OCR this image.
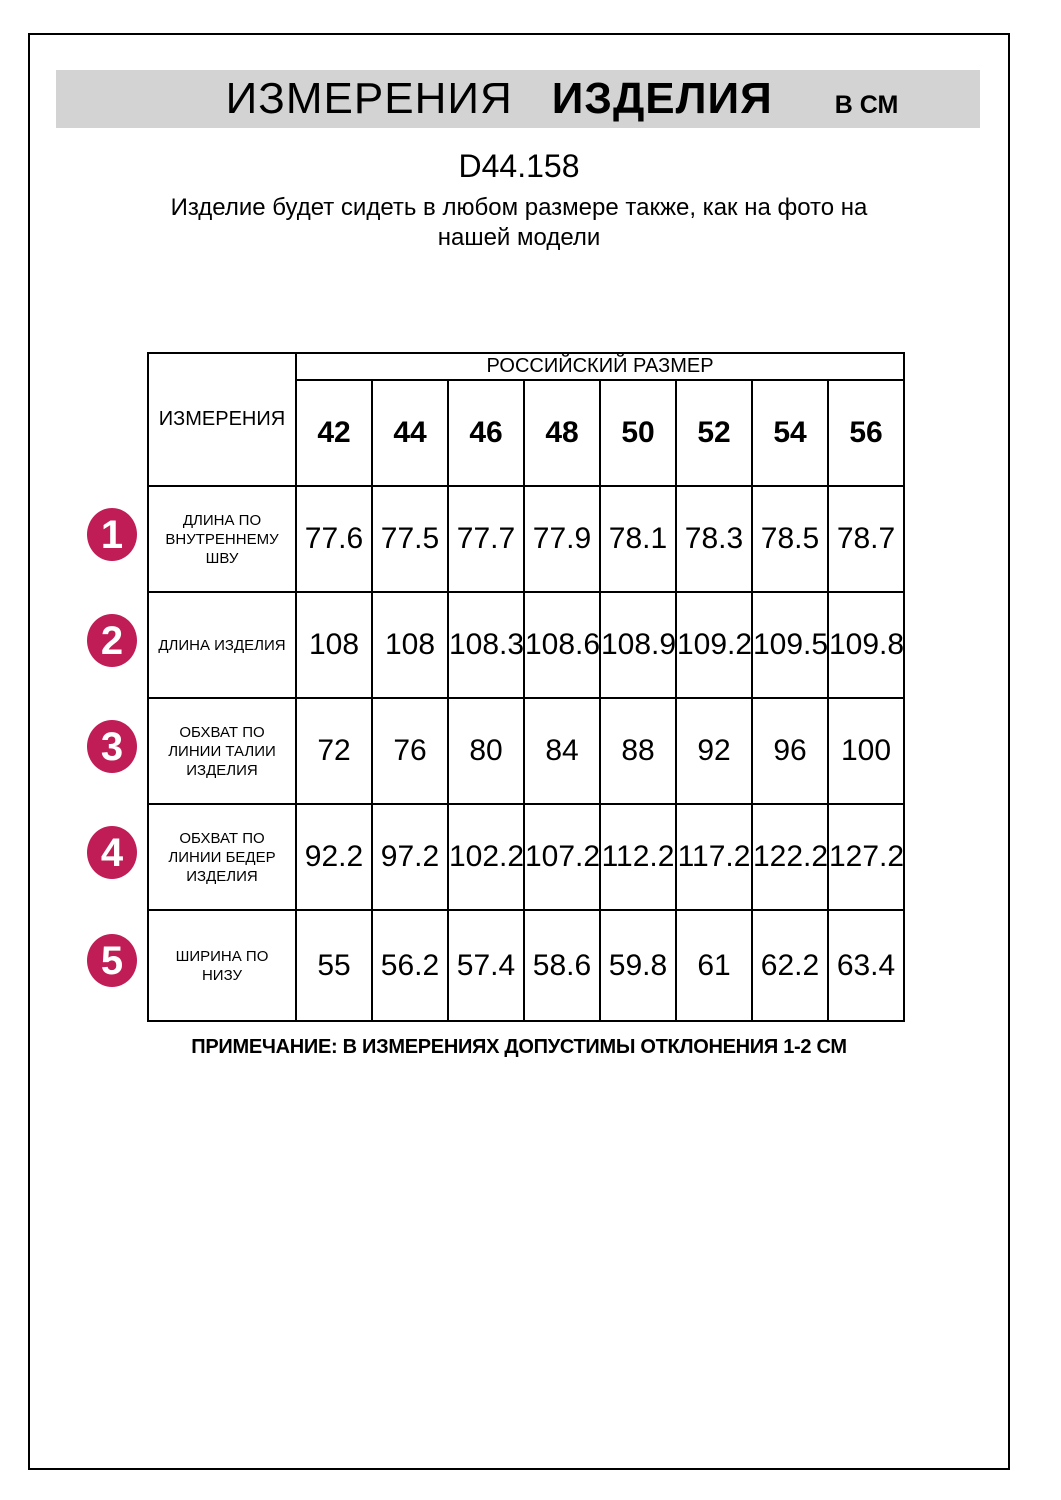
ИЗМЕРЕНИЯ ИЗДЕЛИЯ В СМ
D44.158
Изделие будет сидеть в любом размере также, как на фото на нашей модели
ИЗМЕРЕНИЯ	РОССИЙСКИЙ РАЗМЕР							
	42	44	46	48	50	52	54	56
ДЛИНА ПО ВНУТРЕННЕМУ ШВУ	77.6	77.5	77.7	77.9	78.1	78.3	78.5	78.7
ДЛИНА ИЗДЕЛИЯ	108	108	108.3	108.6	108.9	109.2	109.5	109.8
ОБХВАТ ПО ЛИНИИ ТАЛИИ ИЗДЕЛИЯ	72	76	80	84	88	92	96	100
ОБХВАТ ПО ЛИНИИ БЕДЕР ИЗДЕЛИЯ	92.2	97.2	102.2	107.2	112.2	117.2	122.2	127.2
ШИРИНА ПО НИЗУ	55	56.2	57.4	58.6	59.8	61	62.2	63.4
1
2
3
4
5
ПРИМЕЧАНИЕ: В ИЗМЕРЕНИЯХ ДОПУСТИМЫ ОТКЛОНЕНИЯ 1-2 СМ
